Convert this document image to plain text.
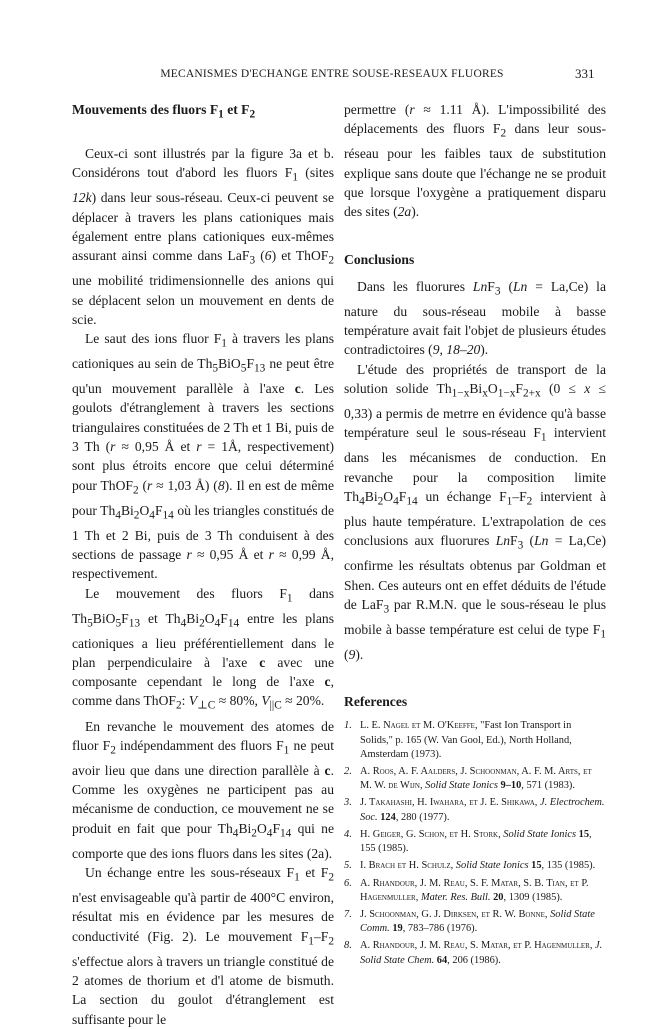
MECANISMES D'ECHANGE ENTRE SOUSE-RESEAUX FLUORES	331
Mouvements des fluors $F_1$ et $F_2$

Ceux-ci sont illustrés par la figure 3a et b. Considérons tout d'abord les fluors $F_1$ (sites 12k) dans leur sous-réseau. Ceux-ci peuvent se déplacer à travers les plans cationiques mais également entre plans cationiques eux-mêmes assurant ainsi comme dans LaF$_3$ (6) et ThOF$_2$ une mobilité tridimensionnelle des anions qui se déplacent selon un mouvement en dents de scie.

Le saut des ions fluor $F_1$ à travers les plans cationiques au sein de $Th_5BiO_5F_{13}$ ne peut être qu'un mouvement parallèle à l'axe c. Les goulots d'étranglement à travers les sections triangulaires constituées de 2 Th et 1 Bi, puis de 3 Th (r ≈ 0,95 Å et r = 1Å, respectivement) sont plus étroits encore que celui déterminé pour ThOF$_2$ (r ≈ 1,03 Å) (8). Il en est de même pour $Th_4Bi_2O_4F_{14}$ où les triangles constitués de 1 Th et 2 Bi, puis de 3 Th conduisent à des sections de passage r ≈ 0,95 Å et r ≈ 0,99 Å, respectivement.

Le mouvement des fluors $F_1$ dans $Th_5BiO_5F_{13}$ et $Th_4Bi_2O_4F_{14}$ entre les plans cationiques a lieu préférentiellement dans le plan perpendiculaire à l'axe c avec une composante cependant le long de l'axe c, comme dans ThOF$_2$: $V_{\perp C} \approx 80\%$, $V_{||C} \approx 20\%$.

En revanche le mouvement des atomes de fluor $F_2$ indépendamment des fluors $F_1$ ne peut avoir lieu que dans une direction parallèle à c. Comme les oxygènes ne participent pas au mécanisme de conduction, ce mouvement ne se produit en fait que pour $Th_4Bi_2O_4F_{14}$ qui ne comporte que des ions fluors dans les sites (2a).

Un échange entre les sous-réseaux $F_1$ et $F_2$ n'est envisageable qu'à partir de 400°C environ, résultat mis en évidence par les mesures de conductivité (Fig. 2). Le mouvement $F_1-F_2$ s'effectue alors à travers un triangle constitué de 2 atomes de thorium et d'l atome de bismuth. La section du goulot d'étranglement est suffisante pour le

permettre (r ≈ 1.11 Å). L'impossibilité des déplacements des fluors $F_2$ dans leur sous-réseau pour les faibles taux de substitution explique sans doute que l'échange ne se produit que lorsque l'oxygène a pratiquement disparu des sites (2a).

Conclusions

Dans les fluorures LnF$_3$ (Ln = La,Ce) la nature du sous-réseau mobile à basse température avait fait l'objet de plusieurs études contradictoires (9, 18–20).

L'étude des propriétés de transport de la solution solide $Th_{1-x}Bi_xO_{1-x}F_{2+x}$ (0 ≤ x ≤ 0,33) a permis de metrre en évidence qu'à basse température seul le sous-réseau $F_1$ intervient dans les mécanismes de conduction. En revanche pour la composition limite $Th_4Bi_2O_4F_{14}$ un échange $F_1-F_2$ intervient à plus haute température. L'extrapolation de ces conclusions aux fluorures LnF$_3$ (Ln = La,Ce) confirme les résultats obtenus par Goldman et Shen. Ces auteurs ont en effet déduits de l'étude de LaF$_3$ par R.M.N. que le sous-réseau le plus mobile à basse température est celui de type $F_1$ (9).

References
1. L. E. Nagel et M. O'Keeffe, "Fast Ion Transport in Solids," p. 165 (W. Van Gool, Ed.), North Holland, Amsterdam (1973).
2. A. Roos, A. F. Aalders, J. Schoonman, A. F. M. Arts, et M. W. de Wijn, Solid State Ionics 9–10, 571 (1983).
3. J. Takahashi, H. Iwahara, et J. E. Shikawa, J. Electrochem. Soc. 124, 280 (1977).
4. H. Geiger, G. Schon, et H. Stork, Solid State Ionics 15, 155 (1985).
5. I. Brach et H. Schulz, Solid State Ionics 15, 135 (1985).
6. A. Rhandour, J. M. Reau, S. F. Matar, S. B. Tian, et P. Hagenmuller, Mater. Res. Bull. 20, 1309 (1985).
7. J. Schoonman, G. J. Dirksen, et R. W. Bonne, Solid State Comm. 19, 783–786 (1976).
8. A. Rhandour, J. M. Reau, S. Matar, et P. Hagenmuller, J. Solid State Chem. 64, 206 (1986).
